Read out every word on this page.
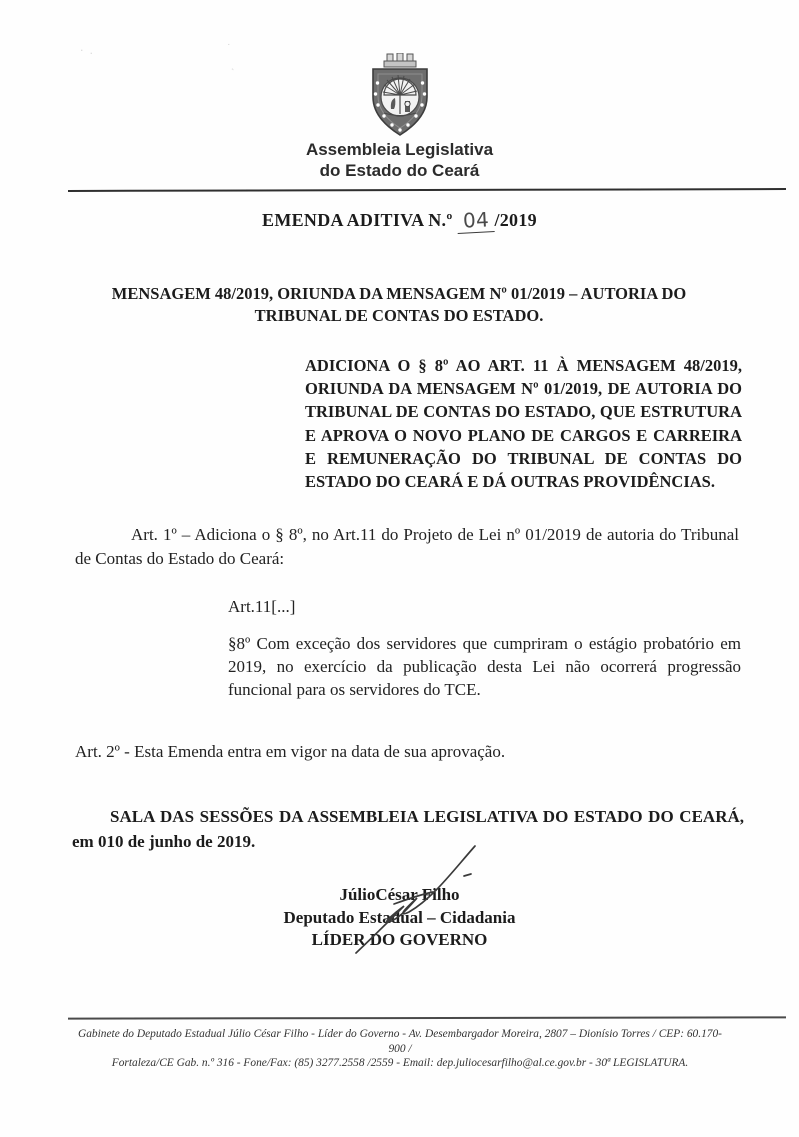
·.	˙
˛
Assembleia Legislativa
do Estado do Ceará
EMENDA ADITIVA N.º 04 /2019
MENSAGEM 48/2019, ORIUNDA DA MENSAGEM Nº 01/2019 – AUTORIA DO TRIBUNAL DE CONTAS DO ESTADO.
ADICIONA O § 8º AO ART. 11 À MENSAGEM 48/2019, ORIUNDA DA MENSAGEM Nº 01/2019, DE AUTORIA DO TRIBUNAL DE CONTAS DO ESTADO, QUE ESTRUTURA E APROVA O NOVO PLANO DE CARGOS E CARREIRA E REMUNERAÇÃO DO TRIBUNAL DE CONTAS DO ESTADO DO CEARÁ E DÁ OUTRAS PROVIDÊNCIAS.
Art. 1º – Adiciona o § 8º, no Art.11 do Projeto de Lei nº 01/2019 de autoria do Tribunal de Contas do Estado do Ceará:
Art.11[...]
§8º Com exceção dos servidores que cumpriram o estágio probatório em 2019, no exercício da publicação desta Lei não ocorrerá progressão funcional para os servidores do TCE.
Art. 2º - Esta Emenda entra em vigor na data de sua aprovação.
SALA DAS SESSÕES DA ASSEMBLEIA LEGISLATIVA DO ESTADO DO CEARÁ, em 010 de junho de 2019.
JúlioCésar Filho
Deputado Estadual – Cidadania
LÍDER DO GOVERNO
Gabinete do Deputado Estadual Júlio César Filho - Líder do Governo - Av. Desembargador Moreira, 2807 – Dionísio Torres / CEP: 60.170-900 /
Fortaleza/CE Gab. n.º 316 - Fone/Fax: (85) 3277.2558 /2559 - Email: dep.juliocesarfilho@al.ce.gov.br - 30ª LEGISLATURA.
